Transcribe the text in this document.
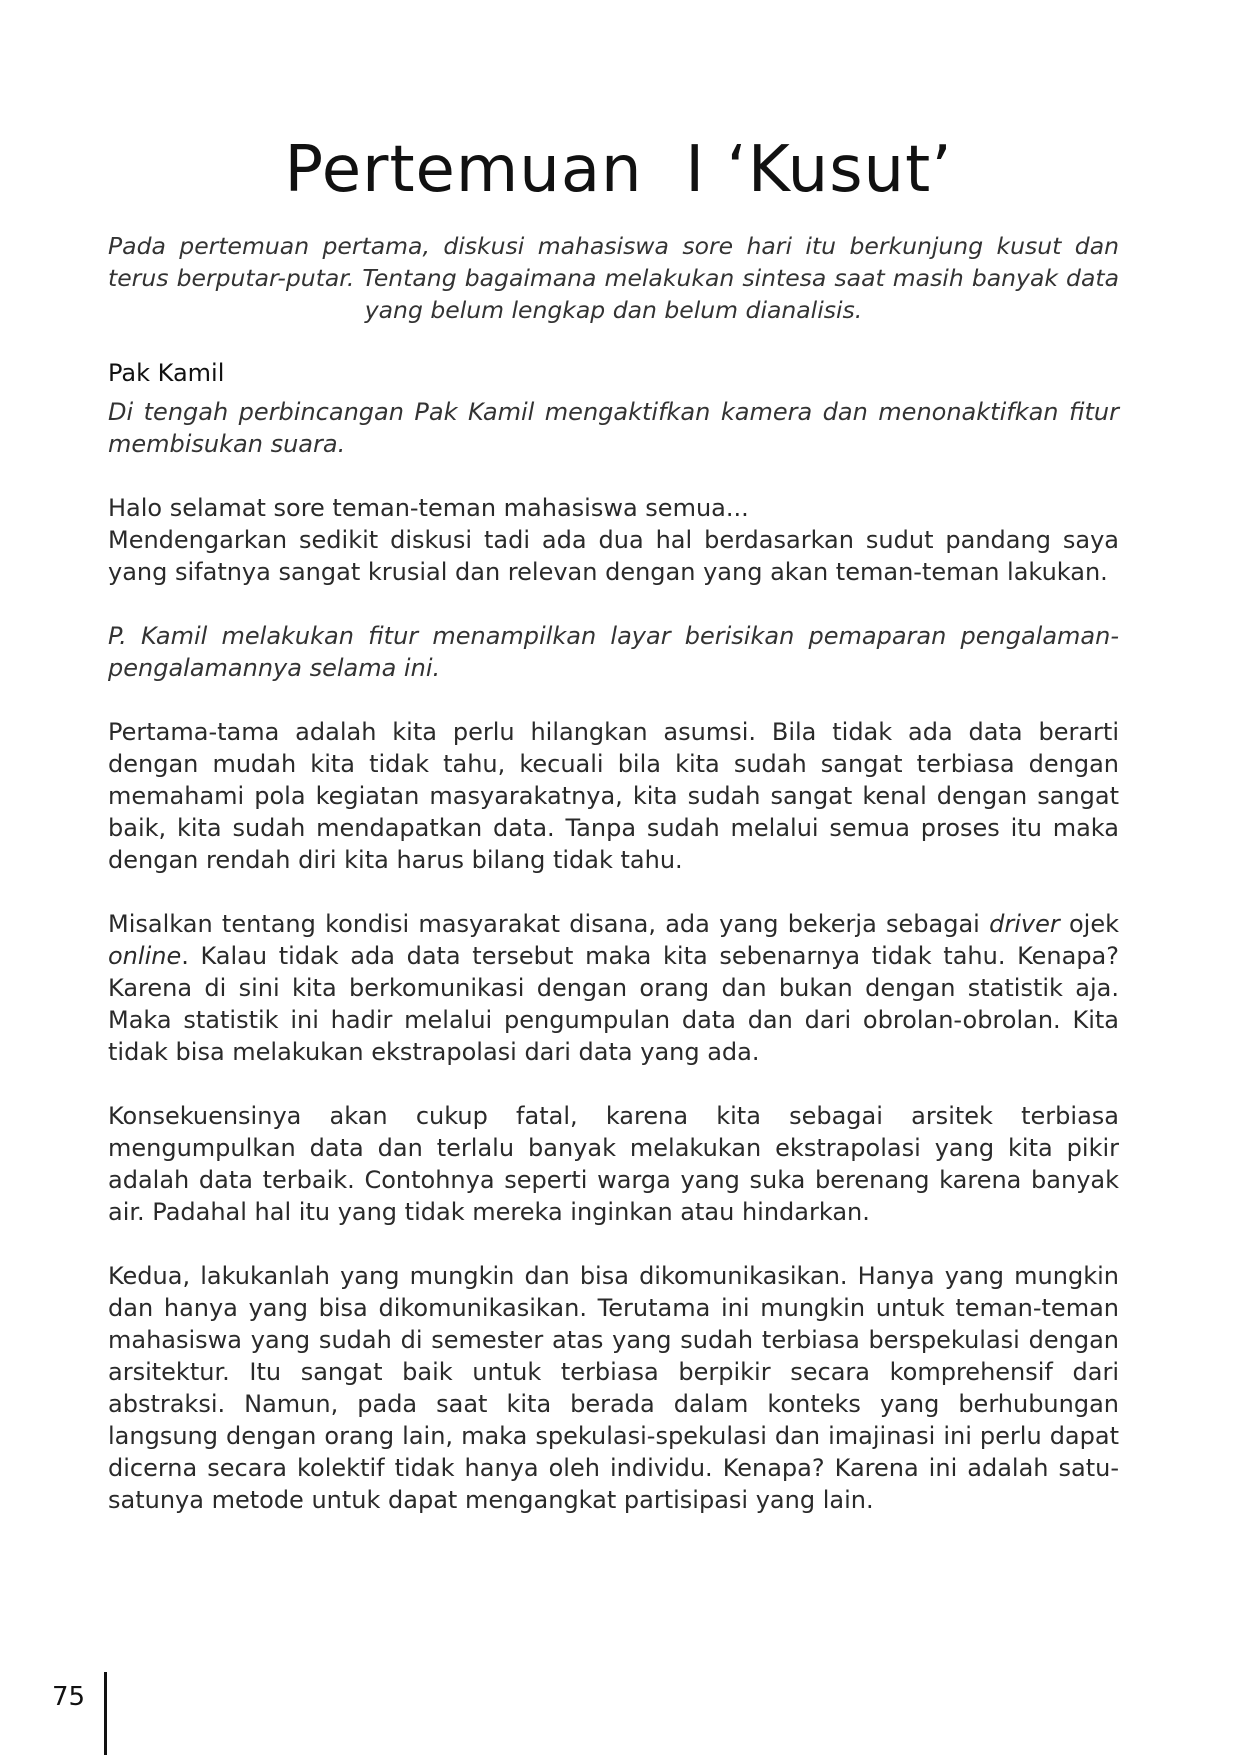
Pertemuan  I ‘Kusut’

Pada pertemuan pertama, diskusi mahasiswa sore hari itu berkunjung kusut dan terus berputar-putar. Tentang bagaimana melakukan sintesa saat masih banyak data yang belum lengkap dan belum dianalisis.

Pak Kamil

Di tengah perbincangan Pak Kamil mengaktifkan kamera dan menonaktifkan fitur membisukan suara.

Halo selamat sore teman-teman mahasiswa semua...

Mendengarkan sedikit diskusi tadi ada dua hal berdasarkan sudut pandang saya yang sifatnya sangat krusial dan relevan dengan yang akan teman-teman lakukan.

P. Kamil melakukan fitur menampilkan layar berisikan pemaparan pengalaman-pengalamannya selama ini.

Pertama-tama adalah kita perlu hilangkan asumsi. Bila tidak ada data berarti dengan mudah kita tidak tahu, kecuali bila kita sudah sangat terbiasa dengan memahami pola kegiatan masyarakatnya, kita sudah sangat kenal dengan sangat baik, kita sudah mendapatkan data. Tanpa sudah melalui semua proses itu maka dengan rendah diri kita harus bilang tidak tahu.

Misalkan tentang kondisi masyarakat disana, ada yang bekerja sebagai driver ojek online. Kalau tidak ada data tersebut maka kita sebenarnya tidak tahu. Kenapa? Karena di sini kita berkomunikasi dengan orang dan bukan dengan statistik aja. Maka statistik ini hadir melalui pengumpulan data dan dari obrolan-obrolan. Kita tidak bisa melakukan ekstrapolasi dari data yang ada.

Konsekuensinya akan cukup fatal, karena kita sebagai arsitek terbiasa mengumpulkan data dan terlalu banyak melakukan ekstrapolasi yang kita pikir adalah data terbaik. Contohnya seperti warga yang suka berenang karena banyak air. Padahal hal itu yang tidak mereka inginkan atau hindarkan.

Kedua, lakukanlah yang mungkin dan bisa dikomunikasikan. Hanya yang mungkin dan hanya yang bisa dikomunikasikan. Terutama ini mungkin untuk teman-teman mahasiswa yang sudah di semester atas yang sudah terbiasa berspekulasi dengan arsitektur. Itu sangat baik untuk terbiasa berpikir secara komprehensif dari abstraksi. Namun, pada saat kita berada dalam konteks yang berhubungan langsung dengan orang lain, maka spekulasi-spekulasi dan imajinasi ini perlu dapat dicerna secara kolektif tidak hanya oleh individu. Kenapa? Karena ini adalah satu-satunya metode untuk dapat mengangkat partisipasi yang lain.

75
